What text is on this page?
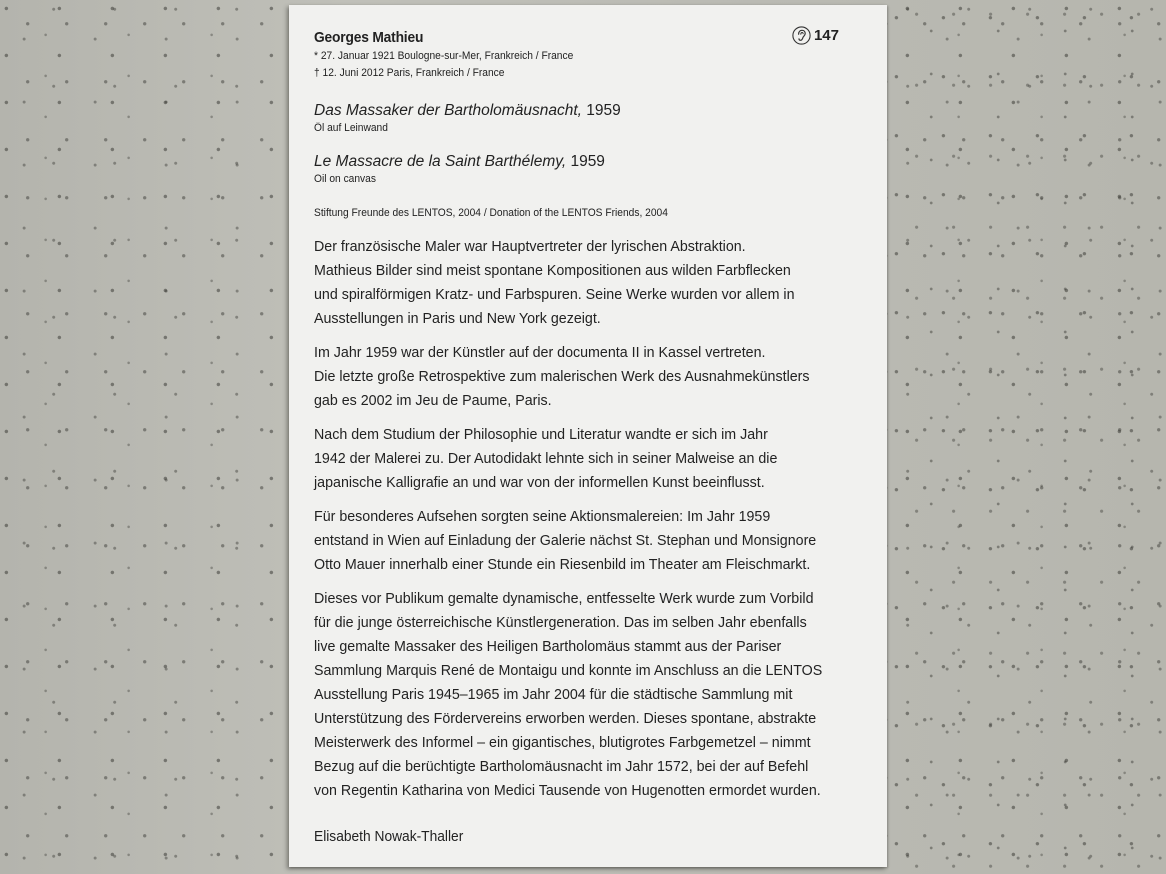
147
Georges Mathieu
* 27. Januar 1921 Boulogne-sur-Mer, Frankreich / France
† 12. Juni 2012 Paris, Frankreich / France
Das Massaker der Bartholomäusnacht, 1959
Öl auf Leinwand
Le Massacre de la Saint Barthélemy, 1959
Oil on canvas
Stiftung Freunde des LENTOS, 2004 / Donation of the LENTOS Friends, 2004

Der französische Maler war Hauptvertreter der lyrischen Abstraktion.

Mathieus Bilder sind meist spontane Kompositionen aus wilden Farbflecken

und spiralförmigen Kratz- und Farbspuren. Seine Werke wurden vor allem in

Ausstellungen in Paris und New York gezeigt.

Im Jahr 1959 war der Künstler auf der documenta II in Kassel vertreten.

Die letzte große Retrospektive zum malerischen Werk des Ausnahmekünstlers

gab es 2002 im Jeu de Paume, Paris.

Nach dem Studium der Philosophie und Literatur wandte er sich im Jahr

1942 der Malerei zu. Der Autodidakt lehnte sich in seiner Malweise an die

japanische Kalligrafie an und war von der informellen Kunst beeinflusst.

Für besonderes Aufsehen sorgten seine Aktionsmalereien: Im Jahr 1959

entstand in Wien auf Einladung der Galerie nächst St. Stephan und Monsignore

Otto Mauer innerhalb einer Stunde ein Riesenbild im Theater am Fleischmarkt.

Dieses vor Publikum gemalte dynamische, entfesselte Werk wurde zum Vorbild

für die junge österreichische Künstlergeneration. Das im selben Jahr ebenfalls

live gemalte Massaker des Heiligen Bartholomäus stammt aus der Pariser

Sammlung Marquis René de Montaigu und konnte im Anschluss an die LENTOS

Ausstellung Paris 1945–1965 im Jahr 2004 für die städtische Sammlung mit

Unterstützung des Fördervereins erworben werden. Dieses spontane, abstrakte

Meisterwerk des Informel – ein gigantisches, blutigrotes Farbgemetzel – nimmt

Bezug auf die berüchtigte Bartholomäusnacht im Jahr 1572, bei der auf Befehl

von Regentin Katharina von Medici Tausende von Hugenotten ermordet wurden.

Elisabeth Nowak-Thaller
